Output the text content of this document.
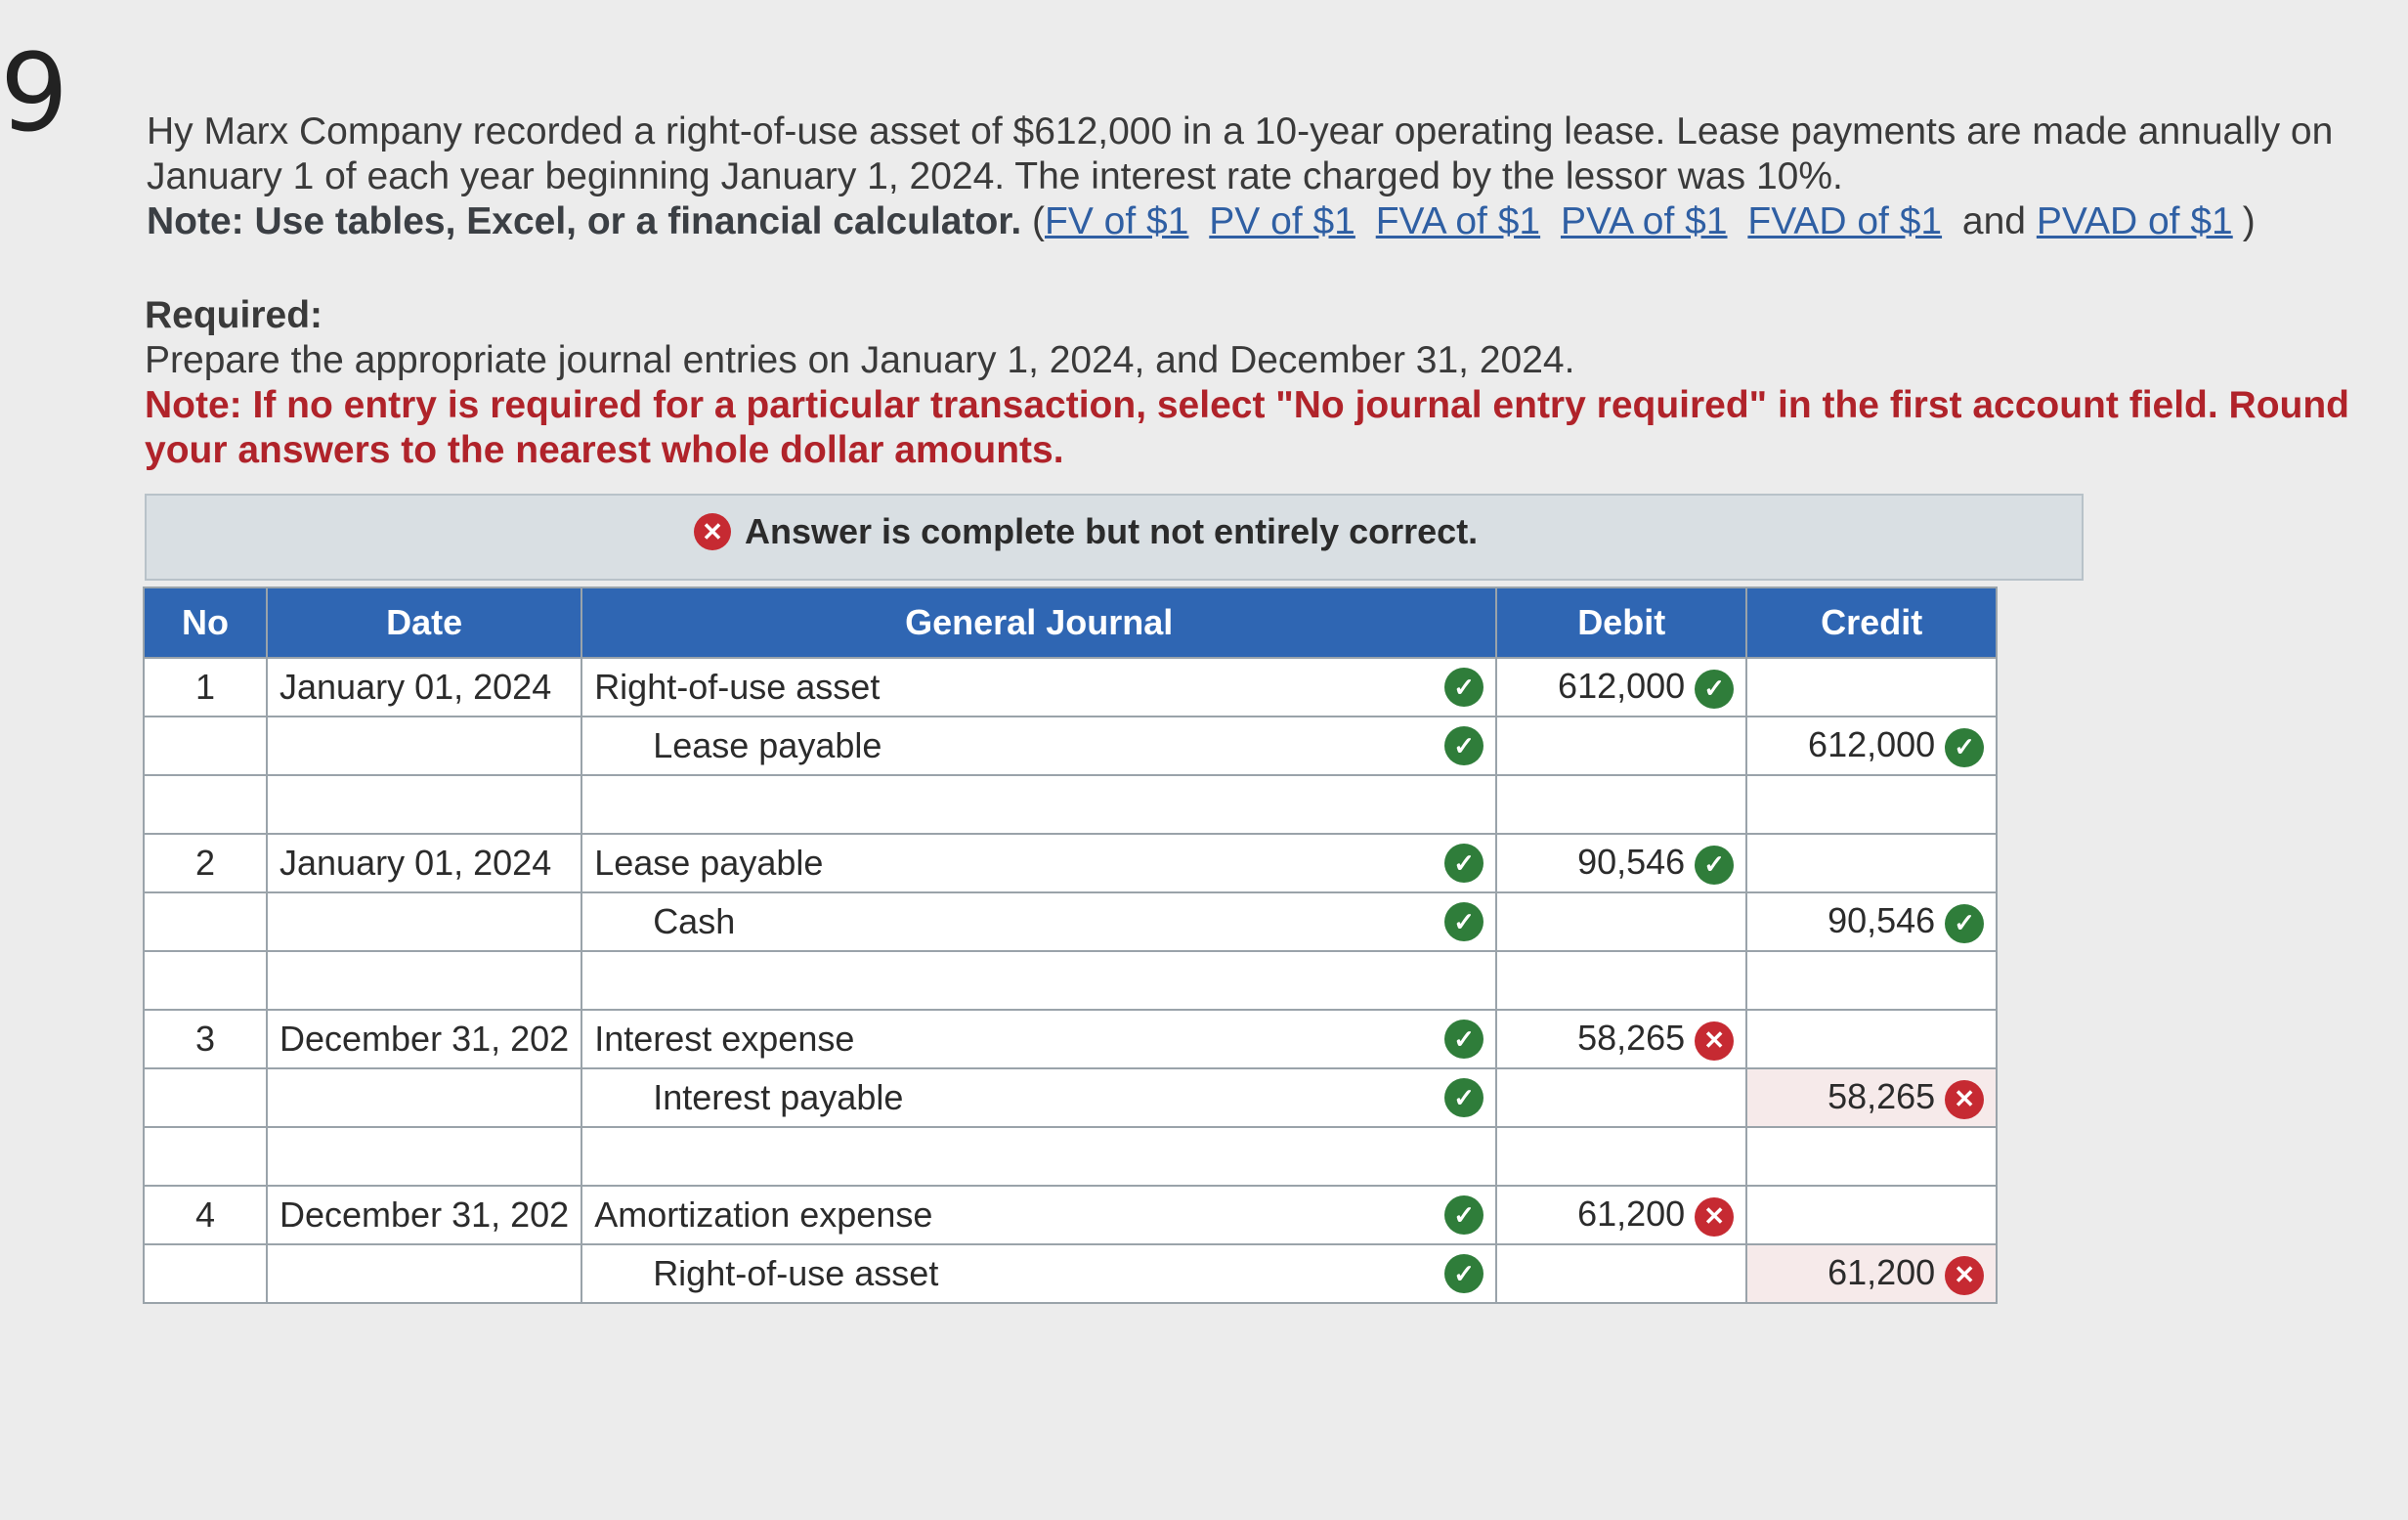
9 Hy Marx Company recorded a right-of-use asset of $612,000 in a 10-year operating lease. Lease payments are made annually on January 1 of each year beginning January 1, 2024. The interest rate charged by the lessor was 10%.

Note: Use tables, Excel, or a financial calculator. (FV of $1 PV of $1 FVA of $1 PVA of $1 FVAD of $1 and PVAD of $1 )

Required:

Prepare the appropriate journal entries on January 1, 2024, and December 31, 2024.

Note: If no entry is required for a particular transaction, select "No journal entry required" in the first account field. Round your answers to the nearest whole dollar amounts.

✕ Answer is complete but not entirely correct.
No	Date	General Journal	Debit	Credit
1	January 01, 2024	Right-of-use asset ✓	612,000 ✓	

		Lease payable ✓		612,000 ✓

2	January 01, 2024	Lease payable ✓	90,546 ✓	

		Cash ✓		90,546 ✓

3	December 31, 202	Interest expense ✓	58,265 ✕	

		Interest payable ✓		58,265 ✕

4	December 31, 202	Amortization expense ✓	61,200 ✕	

		Right-of-use asset ✓		61,200 ✕
